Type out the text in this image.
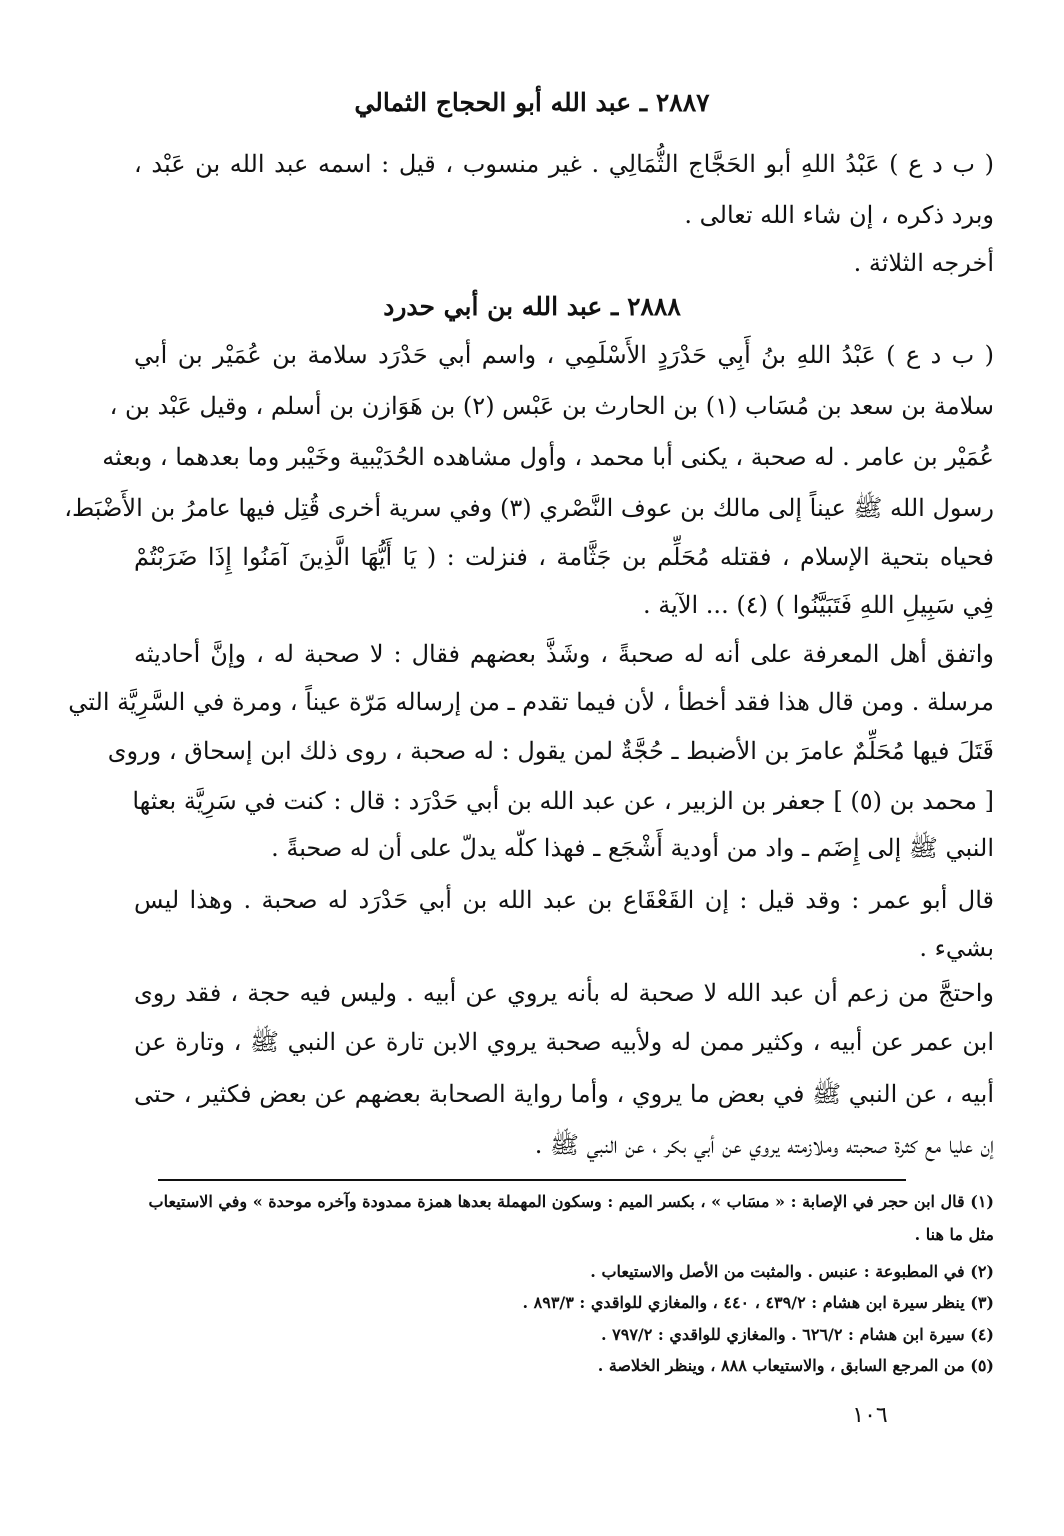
٢٨٨٧ ـ عبد الله أبو الحجاج الثمالي
( ب د ع ) عَبْدُ اللهِ أبو الحَجَّاج الثُّمَالِي . غير منسوب ، قيل : اسمه عبد الله بن عَبْد ،
وبرد ذكره ، إن شاء الله تعالى .
أخرجه الثلاثة .
٢٨٨٨ ـ عبد الله بن أبي حدرد
( ب د ع ) عَبْدُ اللهِ بنُ أَبِي حَدْرَدٍ الأَسْلَمِي ، واسم أبي حَدْرَد سلامة بن عُمَيْر بن أبي
سلامة بن سعد بن مُسَاب (١) بن الحارث بن عَبْس (٢) بن هَوَازن بن أسلم ، وقيل عَبْد بن ،
عُمَيْر بن عامر . له صحبة ، يكنى أبا محمد ، وأول مشاهده الحُدَيْبية وخَيْبر وما بعدهما ، وبعثه
رسول الله ﷺ عيناً إلى مالك بن عوف النَّصْري (٣) وفي سرية أخرى قُتِل فيها عامرُ بن الأَضْبَط،
فحياه بتحية الإسلام ، فقتله مُحَلِّم بن جَثَّامة ، فنزلت : ( يَا أَيُّهَا الَّذِينَ آمَنُوا إِذَا ضَرَبْتُمْ
فِي سَبِيلِ اللهِ فَتَبَيَّنُوا ) (٤) ... الآية .
واتفق أهل المعرفة على أنه له صحبةً ، وشَذَّ بعضهم فقال : لا صحبة له ، وإنَّ أحاديثه
مرسلة . ومن قال هذا فقد أخطأ ، لأن فيما تقدم ـ من إرساله مَرّة عيناً ، ومرة في السَّرِيَّة التي
قَتَلَ فيها مُحَلِّمٌ عامرَ بن الأضبط ـ حُجَّةٌ لمن يقول : له صحبة ، روى ذلك ابن إسحاق ، وروى
[ محمد بن (٥) ] جعفر بن الزبير ، عن عبد الله بن أبي حَدْرَد : قال : كنت في سَرِيَّة بعثها
النبي ﷺ إلى إِضَم ـ واد من أودية أَشْجَع ـ فهذا كلّه يدلّ على أن له صحبةً .
قال أبو عمر : وقد قيل : إن القَعْقَاع بن عبد الله بن أبي حَدْرَد له صحبة . وهذا ليس
بشيء .
واحتجَّ من زعم أن عبد الله لا صحبة له بأنه يروي عن أبيه . وليس فيه حجة ، فقد روى
ابن عمر عن أبيه ، وكثير ممن له ولأبيه صحبة يروي الابن تارة عن النبي ﷺ ، وتارة عن
أبيه ، عن النبي ﷺ في بعض ما يروي ، وأما رواية الصحابة بعضهم عن بعض فكثير ، حتى
إن عليا مع كثرة صحبته وملازمته يروي عن أبي بكر ، عن النبي ﷺ .
(١) قال ابن حجر في الإصابة : « مسَاب » ، بكسر الميم : وسكون المهملة بعدها همزة ممدودة وآخره موحدة » وفي الاستيعاب
مثل ما هنا .
(٢) في المطبوعة : عنبس . والمثبت من الأصل والاستيعاب .
(٣) ينظر سيرة ابن هشام : ٤٣٩/٢ ، ٤٤٠ ، والمغازي للواقدي : ٨٩٣/٣ .
(٤) سيرة ابن هشام : ٦٢٦/٢ . والمغازي للواقدي : ٧٩٧/٢ .
(٥) من المرجع السابق ، والاستيعاب ٨٨٨ ، وينظر الخلاصة .
١٠٦
